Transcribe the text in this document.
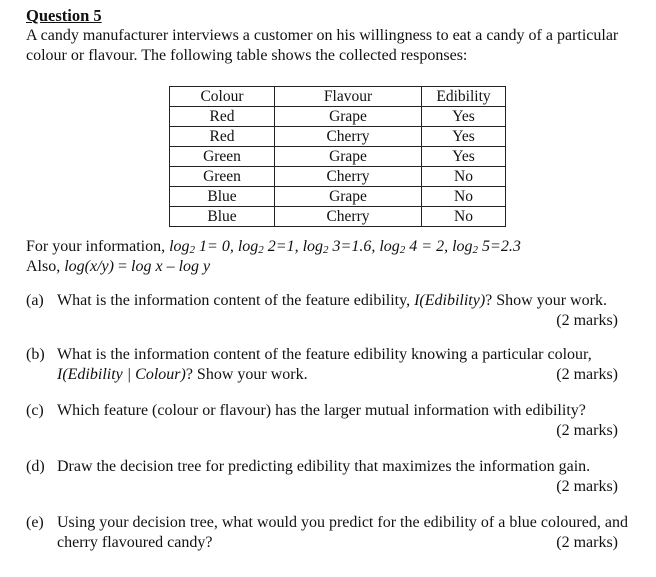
Question 5
A candy manufacturer interviews a customer on his willingness to eat a candy of a particular
colour or flavour. The following table shows the collected responses:
Colour	Flavour	Edibility
Red	Grape	Yes
Red	Cherry	Yes
Green	Grape	Yes
Green	Cherry	No
Blue	Grape	No
Blue	Cherry	No
For your information, $\log_2 1= 0$, $\log_2 2=1$, $\log_2 3=1.6$, $\log_2 4 = 2$, $\log_2 5=2.3$
Also, log(x/y) = log x – log y
(a) What is the information content of the feature edibility, I(Edibility)? Show your work.
(2 marks)
(b) What is the information content of the feature edibility knowing a particular colour,
I(Edibility | Colour)? Show your work.	(2 marks)
(c) Which feature (colour or flavour) has the larger mutual information with edibility?
(2 marks)
(d) Draw the decision tree for predicting edibility that maximizes the information gain.
(2 marks)
(e) Using your decision tree, what would you predict for the edibility of a blue coloured, and
cherry flavoured candy?	(2 marks)
